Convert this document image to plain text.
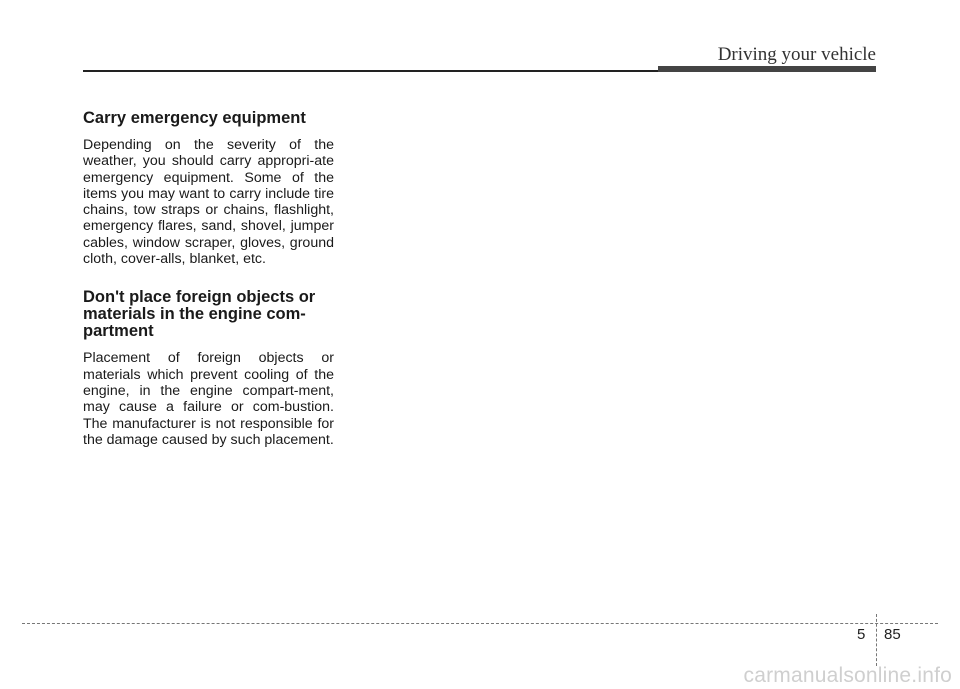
Driving your vehicle
Carry emergency equipment

Depending on the severity of the weather, you should carry appropri-ate emergency equipment. Some of the items you may want to carry include tire chains, tow straps or chains, flashlight, emergency flares, sand, shovel, jumper cables, window scraper, gloves, ground cloth, cover-alls, blanket, etc.

Don't place foreign objects or materials in the engine com-partment

Placement of foreign objects or materials which prevent cooling of the engine, in the engine compart-ment, may cause a failure or com-bustion. The manufacturer is not responsible for the damage caused by such placement.

5 85
carmanualsonline.info
